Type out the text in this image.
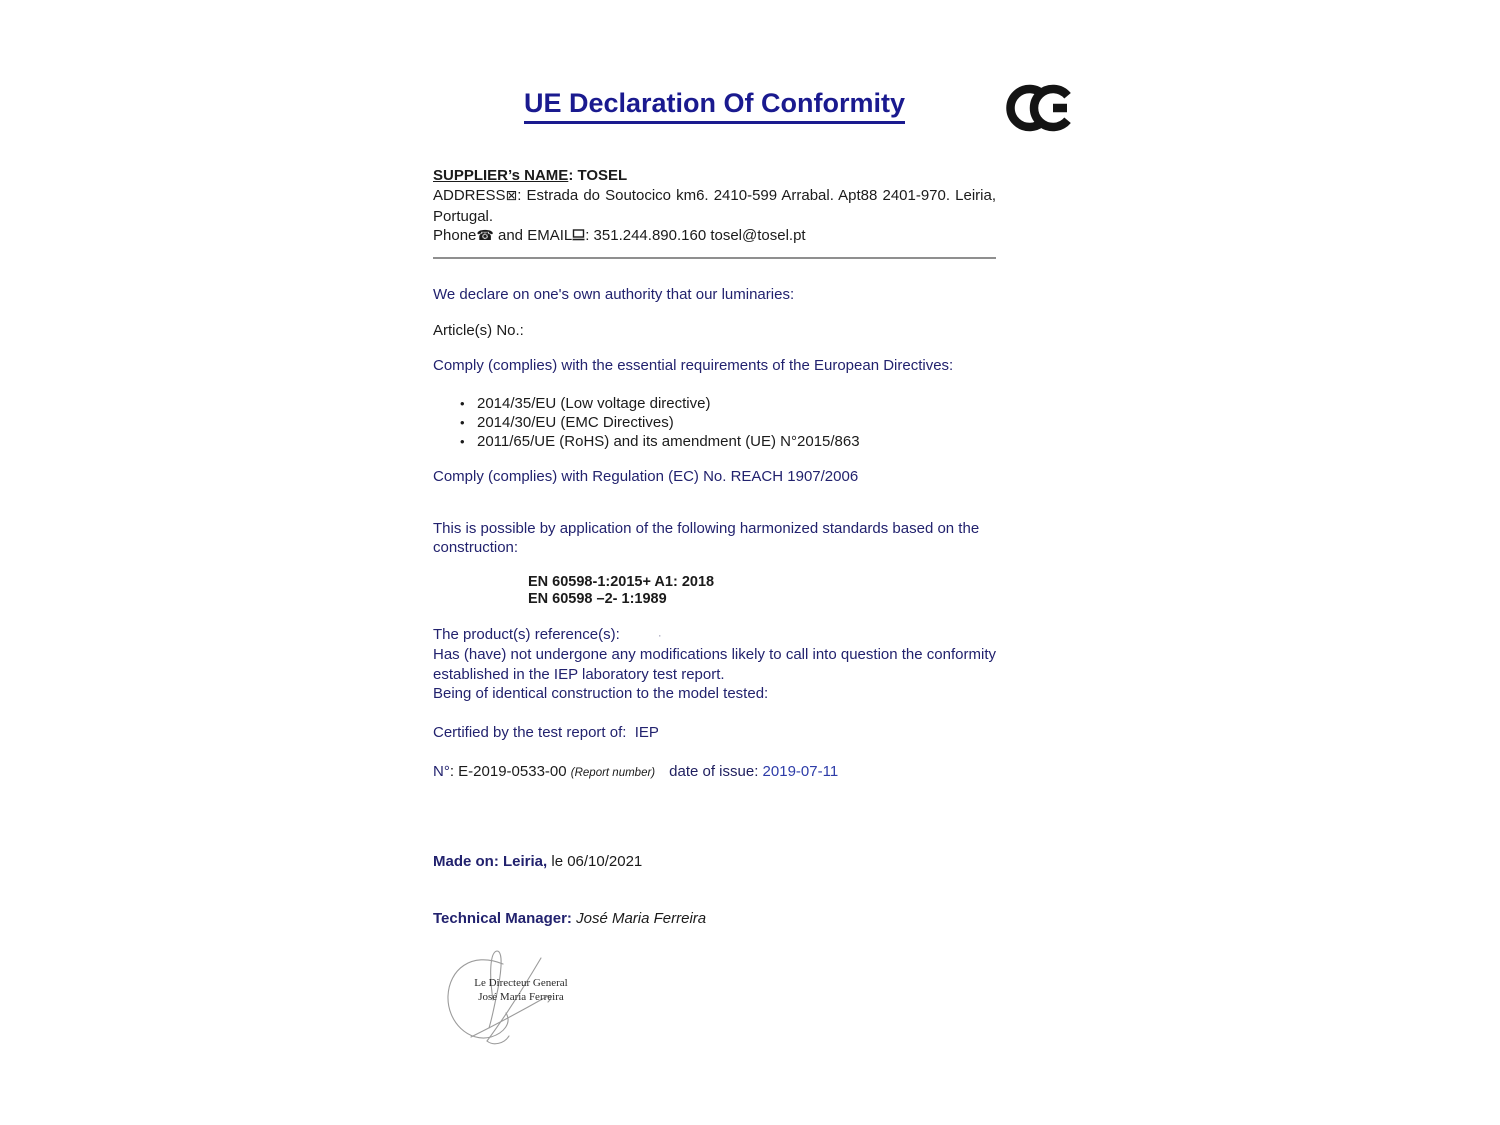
UE Declaration Of Conformity
SUPPLIER’s NAME: TOSEL
ADDRESS⊠: Estrada do Soutocico km6. 2410-599 Arrabal. Apt88 2401-970. Leiria, Portugal.
Phone☎ and EMAIL : 351.244.890.160 tosel@tosel.pt

We declare on one's own authority that our luminaries:

Article(s) No.:

Comply (complies) with the essential requirements of the European Directives:

• 2014/35/EU (Low voltage directive)
• 2014/30/EU (EMC Directives)
• 2011/65/UE (RoHS) and its amendment (UE) N°2015/863

Comply (complies) with Regulation (EC) No. REACH 1907/2006

This is possible by application of the following harmonized standards based on the construction:

EN 60598-1:2015+ A1: 2018
EN 60598 –2- 1:1989
The product(s) reference(s):	·
Has (have) not undergone any modifications likely to call into question the conformity established in the IEP laboratory test report.
Being of identical construction to the model tested:

Certified by the test report of:  IEP

N°: E-2019-0533-00 (Report number) date of issue: 2019-07-11

Made on: Leiria, le 06/10/2021

Technical Manager: José Maria Ferreira

Le Directeur General
José Maria Ferreira
